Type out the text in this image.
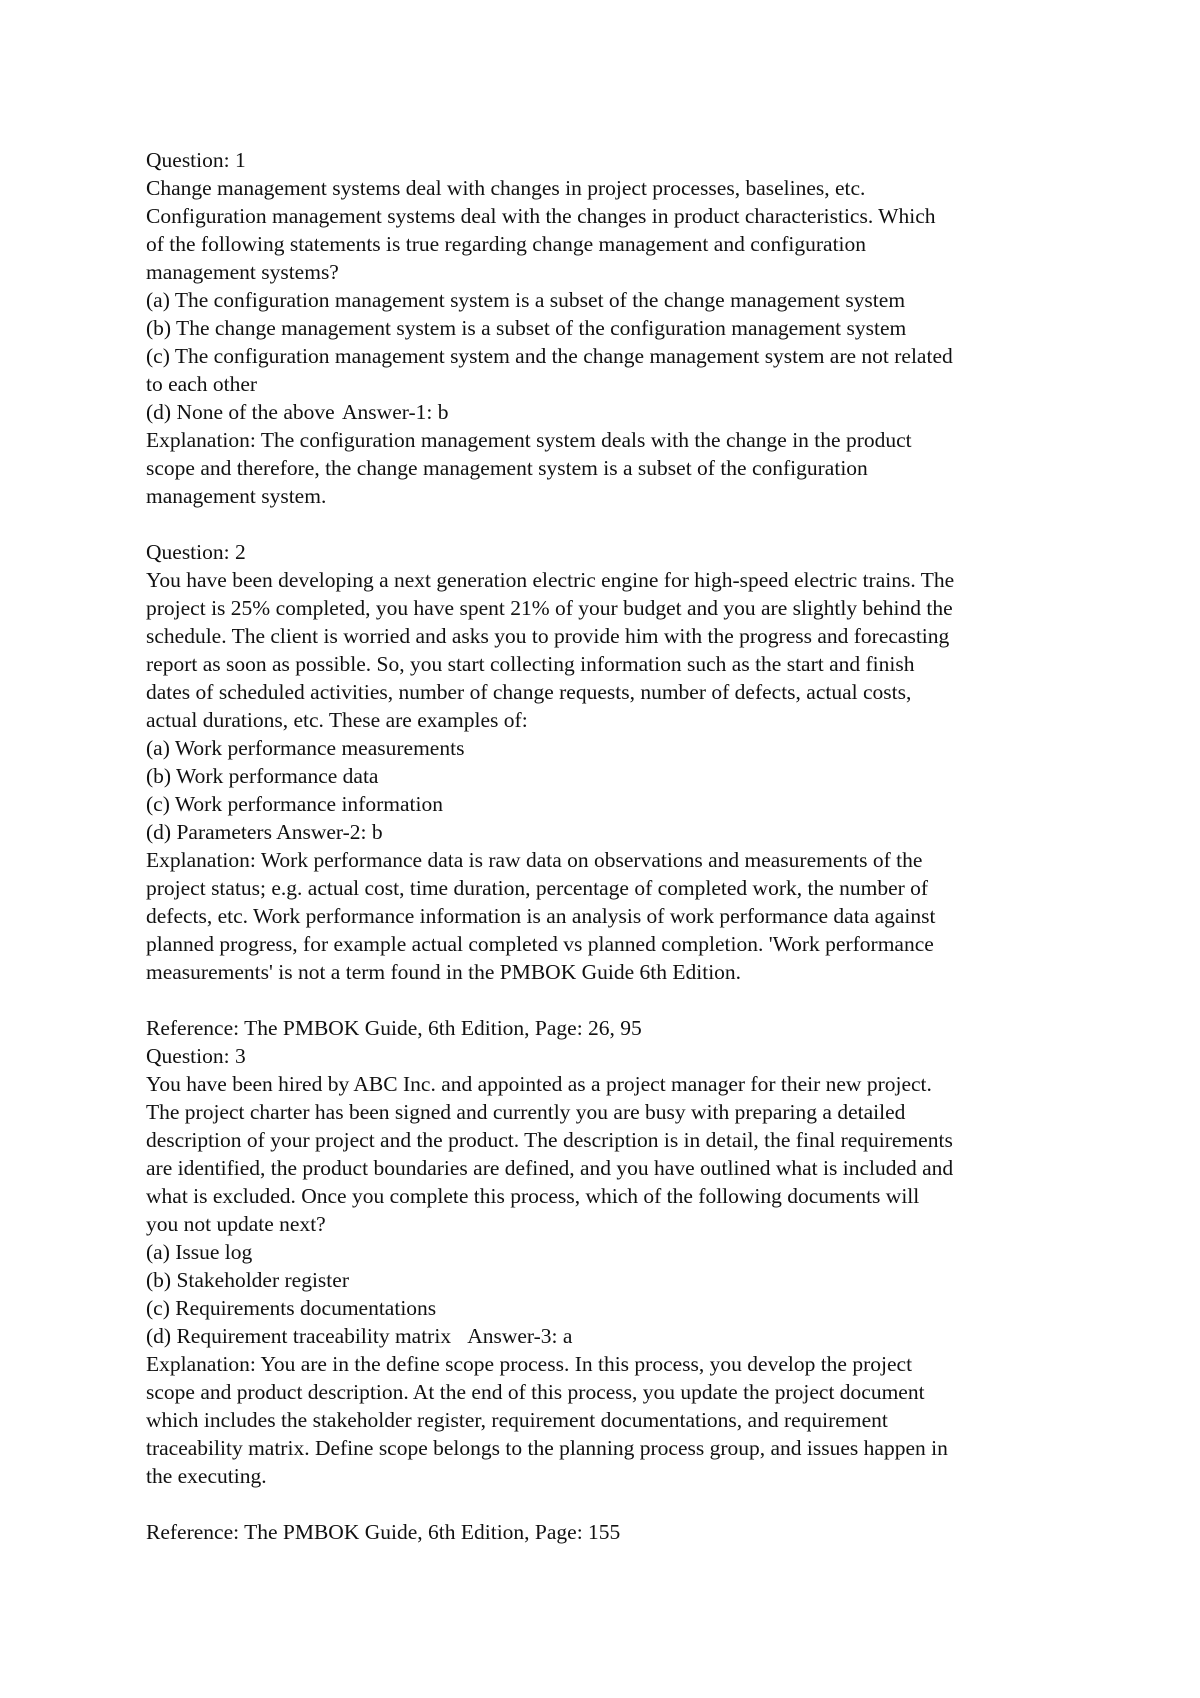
Question: 1
Change management systems deal with changes in project processes, baselines, etc.
Configuration management systems deal with the changes in product characteristics. Which
of the following statements is true regarding change management and configuration
management systems?
(a) The configuration management system is a subset of the change management system
(b) The change management system is a subset of the configuration management system
(c) The configuration management system and the change management system are not related
to each other
(d) None of the above Answer-1: b
Explanation: The configuration management system deals with the change in the product
scope and therefore, the change management system is a subset of the configuration
management system.
Question: 2
You have been developing a next generation electric engine for high-speed electric trains. The
project is 25% completed, you have spent 21% of your budget and you are slightly behind the
schedule. The client is worried and asks you to provide him with the progress and forecasting
report as soon as possible. So, you start collecting information such as the start and finish
dates of scheduled activities, number of change requests, number of defects, actual costs,
actual durations, etc. These are examples of:
(a) Work performance measurements
(b) Work performance data
(c) Work performance information
(d) Parameters Answer-2: b
Explanation: Work performance data is raw data on observations and measurements of the
project status; e.g. actual cost, time duration, percentage of completed work, the number of
defects, etc. Work performance information is an analysis of work performance data against
planned progress, for example actual completed vs planned completion. 'Work performance
measurements' is not a term found in the PMBOK Guide 6th Edition.
Reference: The PMBOK Guide, 6th Edition, Page: 26, 95
Question: 3
You have been hired by ABC Inc. and appointed as a project manager for their new project.
The project charter has been signed and currently you are busy with preparing a detailed
description of your project and the product. The description is in detail, the final requirements
are identified, the product boundaries are defined, and you have outlined what is included and
what is excluded. Once you complete this process, which of the following documents will
you not update next?
(a) Issue log
(b) Stakeholder register
(c) Requirements documentations
(d) Requirement traceability matrix Answer-3: a
Explanation: You are in the define scope process. In this process, you develop the project
scope and product description. At the end of this process, you update the project document
which includes the stakeholder register, requirement documentations, and requirement
traceability matrix. Define scope belongs to the planning process group, and issues happen in
the executing.
Reference: The PMBOK Guide, 6th Edition, Page: 155
